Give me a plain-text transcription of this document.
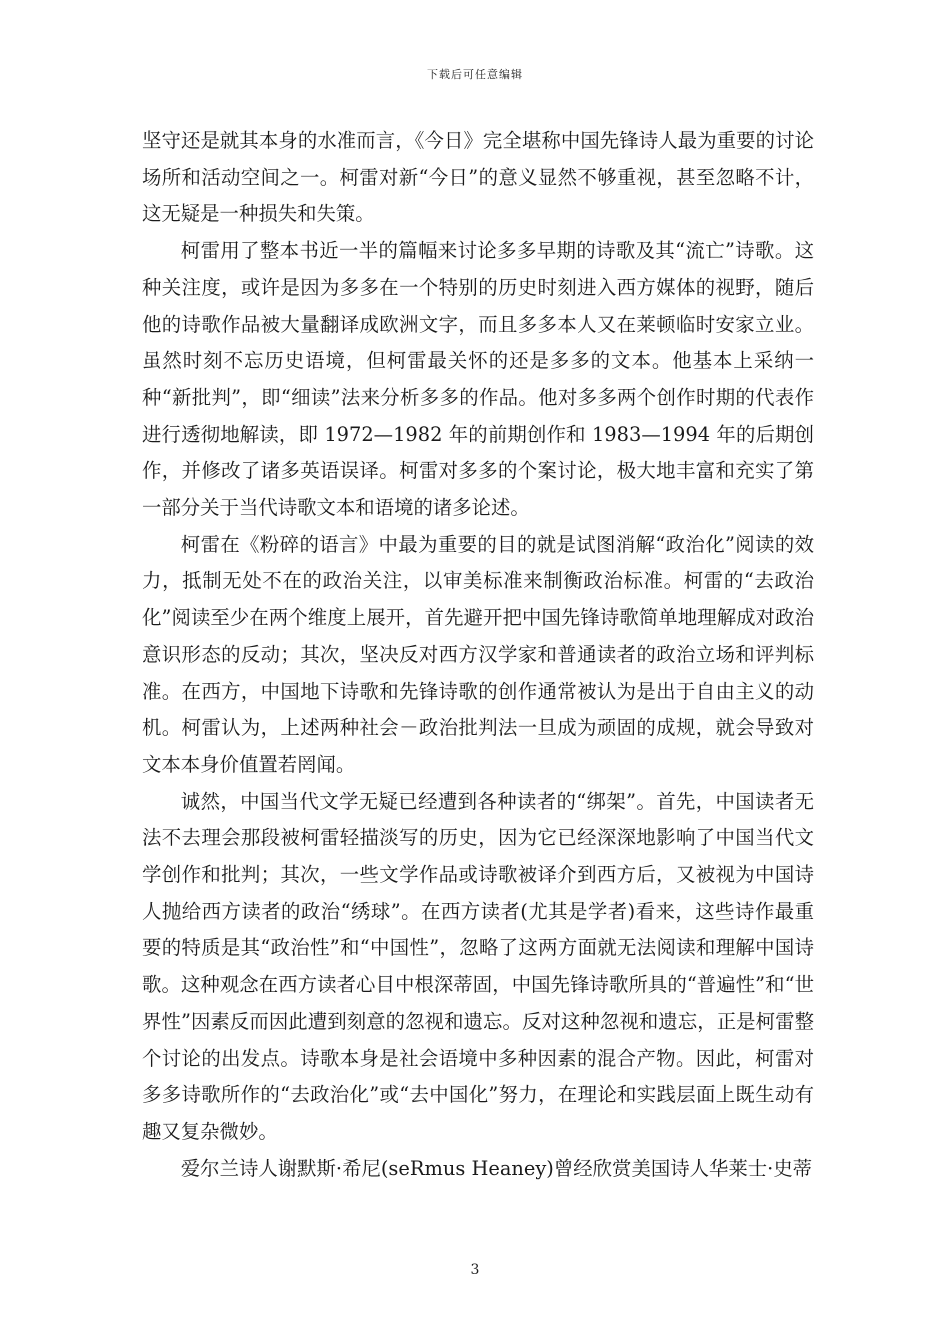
下载后可任意编辑

坚守还是就其本身的水准而言，《今日》完全堪称中国先锋诗人最为重要的讨论场所和活动空间之一。柯雷对新“今日”的意义显然不够重视，甚至忽略不计，这无疑是一种损失和失策。

柯雷用了整本书近一半的篇幅来讨论多多早期的诗歌及其“流亡”诗歌。这种关注度，或许是因为多多在一个特别的历史时刻进入西方媒体的视野，随后他的诗歌作品被大量翻译成欧洲文字，而且多多本人又在莱顿临时安家立业。虽然时刻不忘历史语境，但柯雷最关怀的还是多多的文本。他基本上采纳一种“新批判”，即“细读”法来分析多多的作品。他对多多两个创作时期的代表作进行透彻地解读，即 1972—1982 年的前期创作和 1983—1994 年的后期创作，并修改了诸多英语误译。柯雷对多多的个案讨论，极大地丰富和充实了第一部分关于当代诗歌文本和语境的诸多论述。

柯雷在《粉碎的语言》中最为重要的目的就是试图消解“政治化”阅读的效力，抵制无处不在的政治关注，以审美标准来制衡政治标准。柯雷的“去政治化”阅读至少在两个维度上展开，首先避开把中国先锋诗歌简单地理解成对政治意识形态的反动；其次，坚决反对西方汉学家和普通读者的政治立场和评判标准。在西方，中国地下诗歌和先锋诗歌的创作通常被认为是出于自由主义的动机。柯雷认为，上述两种社会－政治批判法一旦成为顽固的成规，就会导致对文本本身价值置若罔闻。

诚然，中国当代文学无疑已经遭到各种读者的“绑架”。首先，中国读者无法不去理会那段被柯雷轻描淡写的历史，因为它已经深深地影响了中国当代文学创作和批判；其次，一些文学作品或诗歌被译介到西方后，又被视为中国诗人抛给西方读者的政治“绣球”。在西方读者(尤其是学者)看来，这些诗作最重要的特质是其“政治性”和“中国性”，忽略了这两方面就无法阅读和理解中国诗歌。这种观念在西方读者心目中根深蒂固，中国先锋诗歌所具的“普遍性”和“世界性”因素反而因此遭到刻意的忽视和遗忘。反对这种忽视和遗忘，正是柯雷整个讨论的出发点。诗歌本身是社会语境中多种因素的混合产物。因此，柯雷对多多诗歌所作的“去政治化”或“去中国化”努力，在理论和实践层面上既生动有趣又复杂微妙。

爱尔兰诗人谢默斯·希尼(seRmus Heaney)曾经欣赏美国诗人华莱士·史蒂

3
